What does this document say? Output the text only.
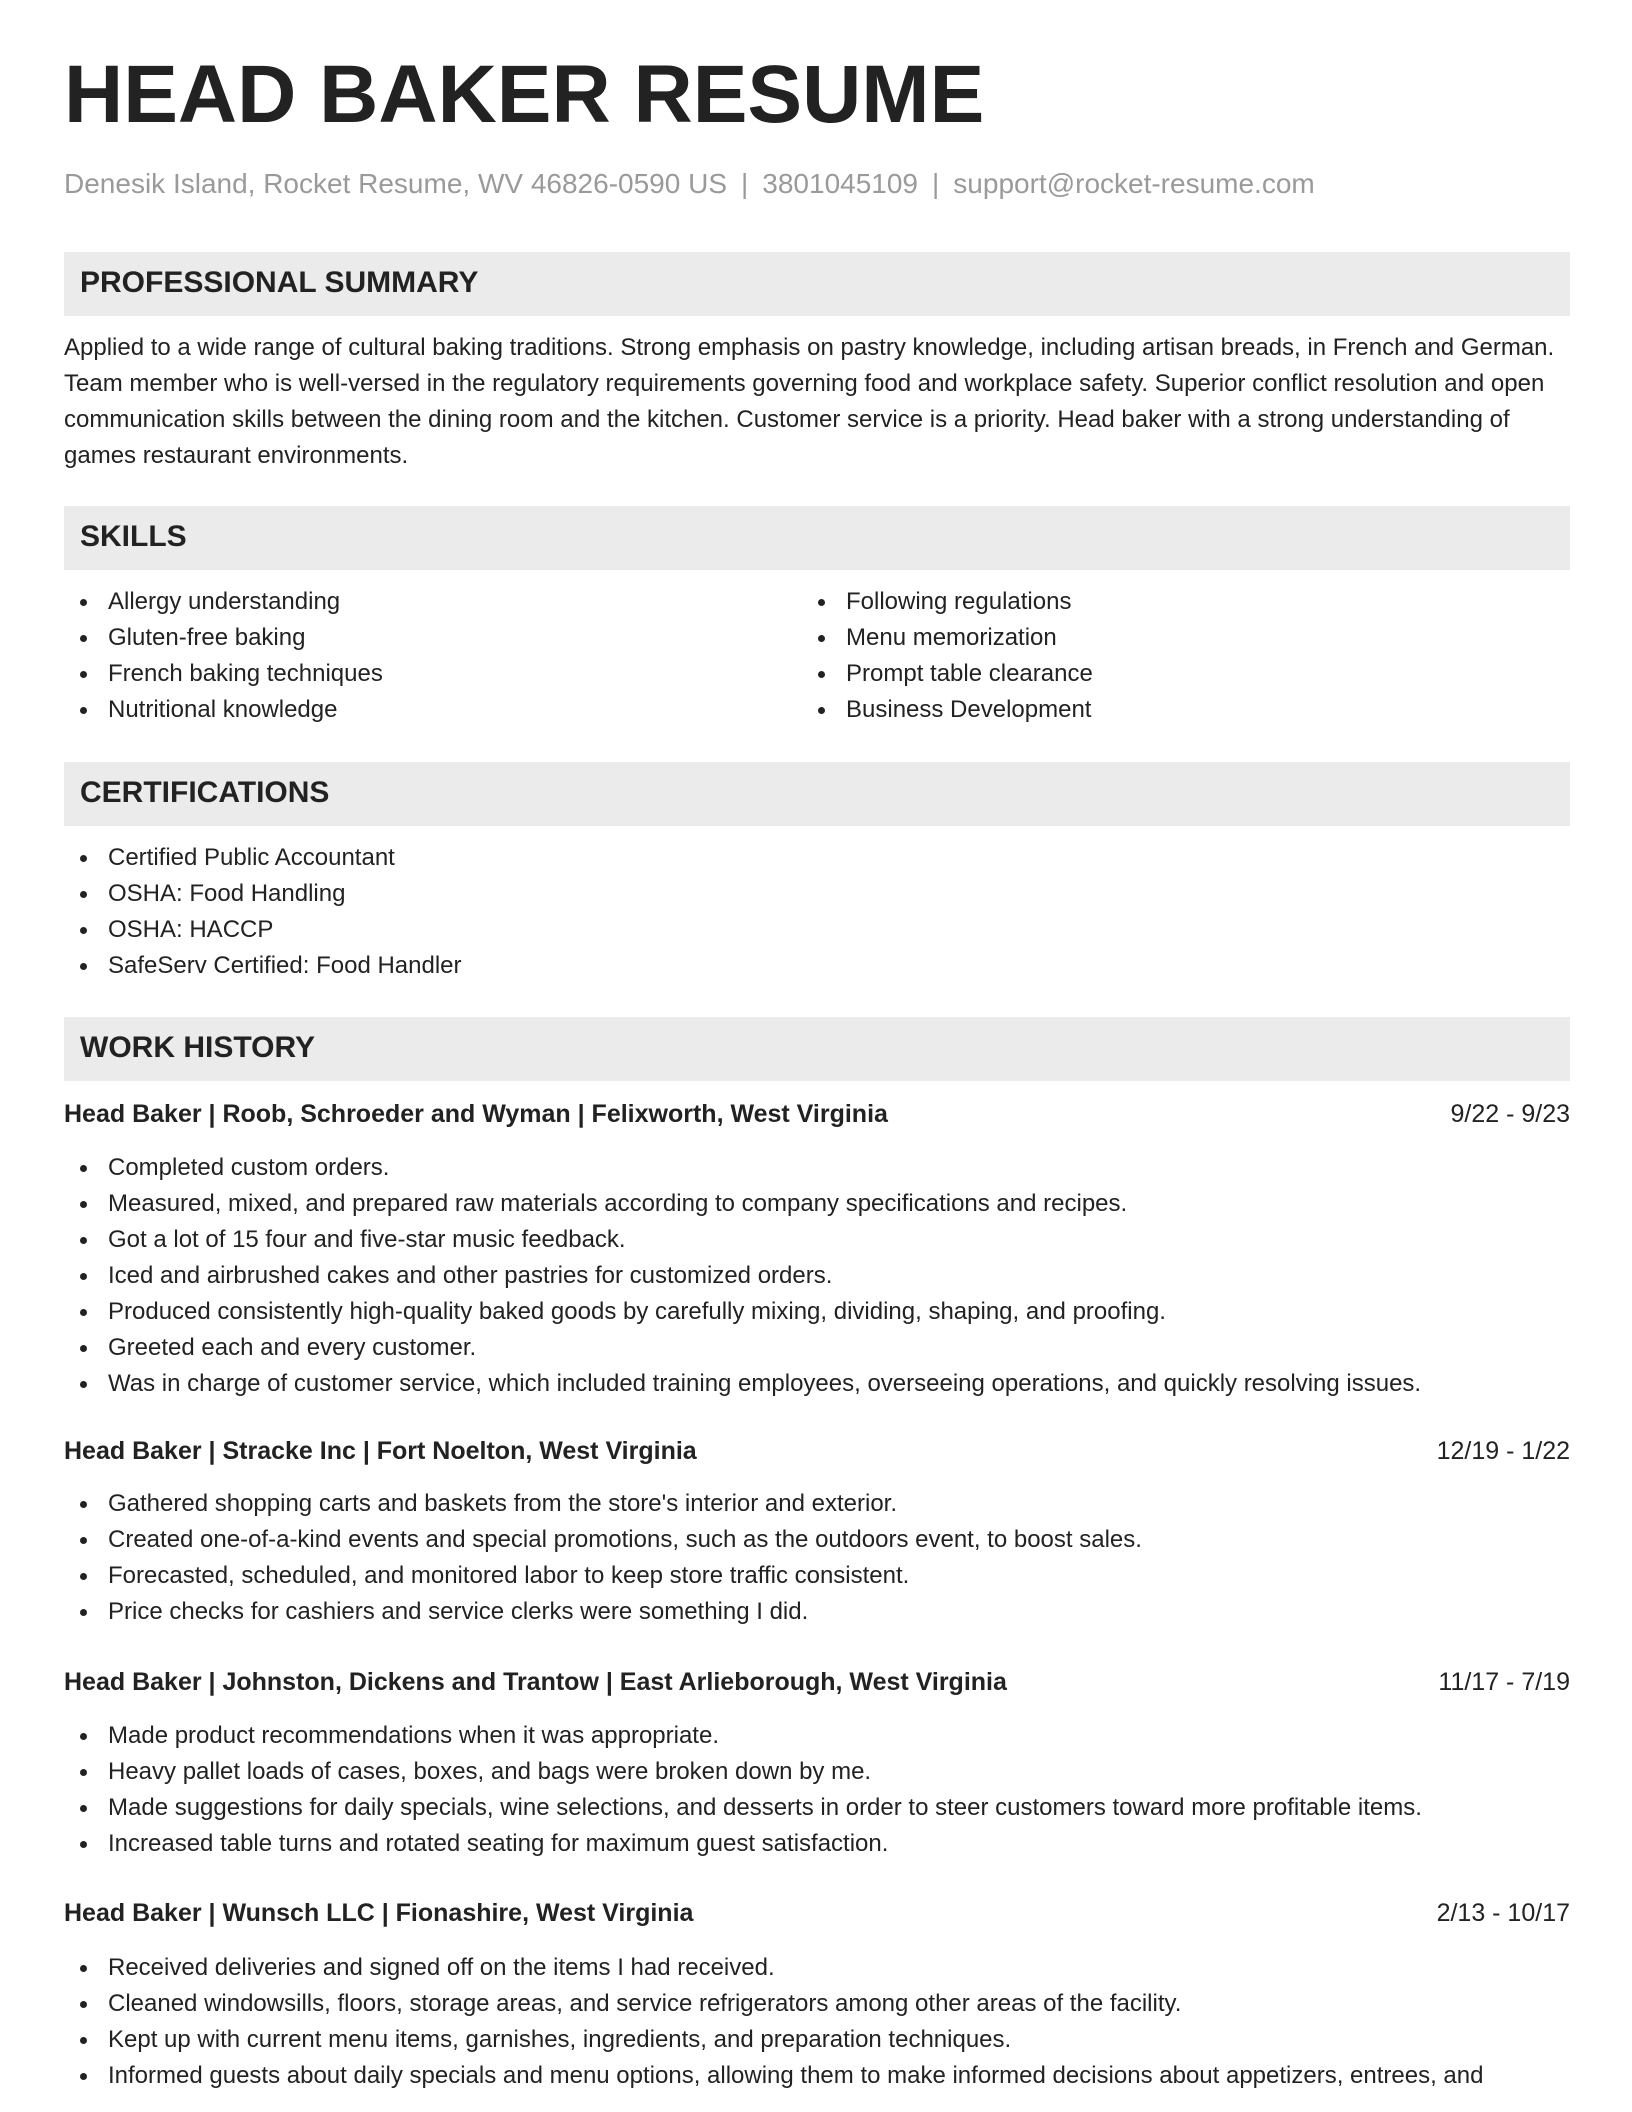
HEAD BAKER RESUME
Denesik Island, Rocket Resume, WV 46826-0590 US | 3801045109 | support@rocket-resume.com
PROFESSIONAL SUMMARY
Applied to a wide range of cultural baking traditions. Strong emphasis on pastry knowledge, including artisan breads, in French and German. Team member who is well-versed in the regulatory requirements governing food and workplace safety. Superior conflict resolution and open communication skills between the dining room and the kitchen. Customer service is a priority. Head baker with a strong understanding of games restaurant environments.
SKILLS
Allergy understanding
Gluten-free baking
French baking techniques
Nutritional knowledge
Following regulations
Menu memorization
Prompt table clearance
Business Development
CERTIFICATIONS
Certified Public Accountant
OSHA: Food Handling
OSHA: HACCP
SafeServ Certified: Food Handler
WORK HISTORY
Head Baker | Roob, Schroeder and Wyman | Felixworth, West Virginia	9/22 - 9/23
Completed custom orders.
Measured, mixed, and prepared raw materials according to company specifications and recipes.
Got a lot of 15 four and five-star music feedback.
Iced and airbrushed cakes and other pastries for customized orders.
Produced consistently high-quality baked goods by carefully mixing, dividing, shaping, and proofing.
Greeted each and every customer.
Was in charge of customer service, which included training employees, overseeing operations, and quickly resolving issues.
Head Baker | Stracke Inc | Fort Noelton, West Virginia	12/19 - 1/22
Gathered shopping carts and baskets from the store's interior and exterior.
Created one-of-a-kind events and special promotions, such as the outdoors event, to boost sales.
Forecasted, scheduled, and monitored labor to keep store traffic consistent.
Price checks for cashiers and service clerks were something I did.
Head Baker | Johnston, Dickens and Trantow | East Arlieborough, West Virginia	11/17 - 7/19
Made product recommendations when it was appropriate.
Heavy pallet loads of cases, boxes, and bags were broken down by me.
Made suggestions for daily specials, wine selections, and desserts in order to steer customers toward more profitable items.
Increased table turns and rotated seating for maximum guest satisfaction.
Head Baker | Wunsch LLC | Fionashire, West Virginia	2/13 - 10/17
Received deliveries and signed off on the items I had received.
Cleaned windowsills, floors, storage areas, and service refrigerators among other areas of the facility.
Kept up with current menu items, garnishes, ingredients, and preparation techniques.
Informed guests about daily specials and menu options, allowing them to make informed decisions about appetizers, entrees, and
